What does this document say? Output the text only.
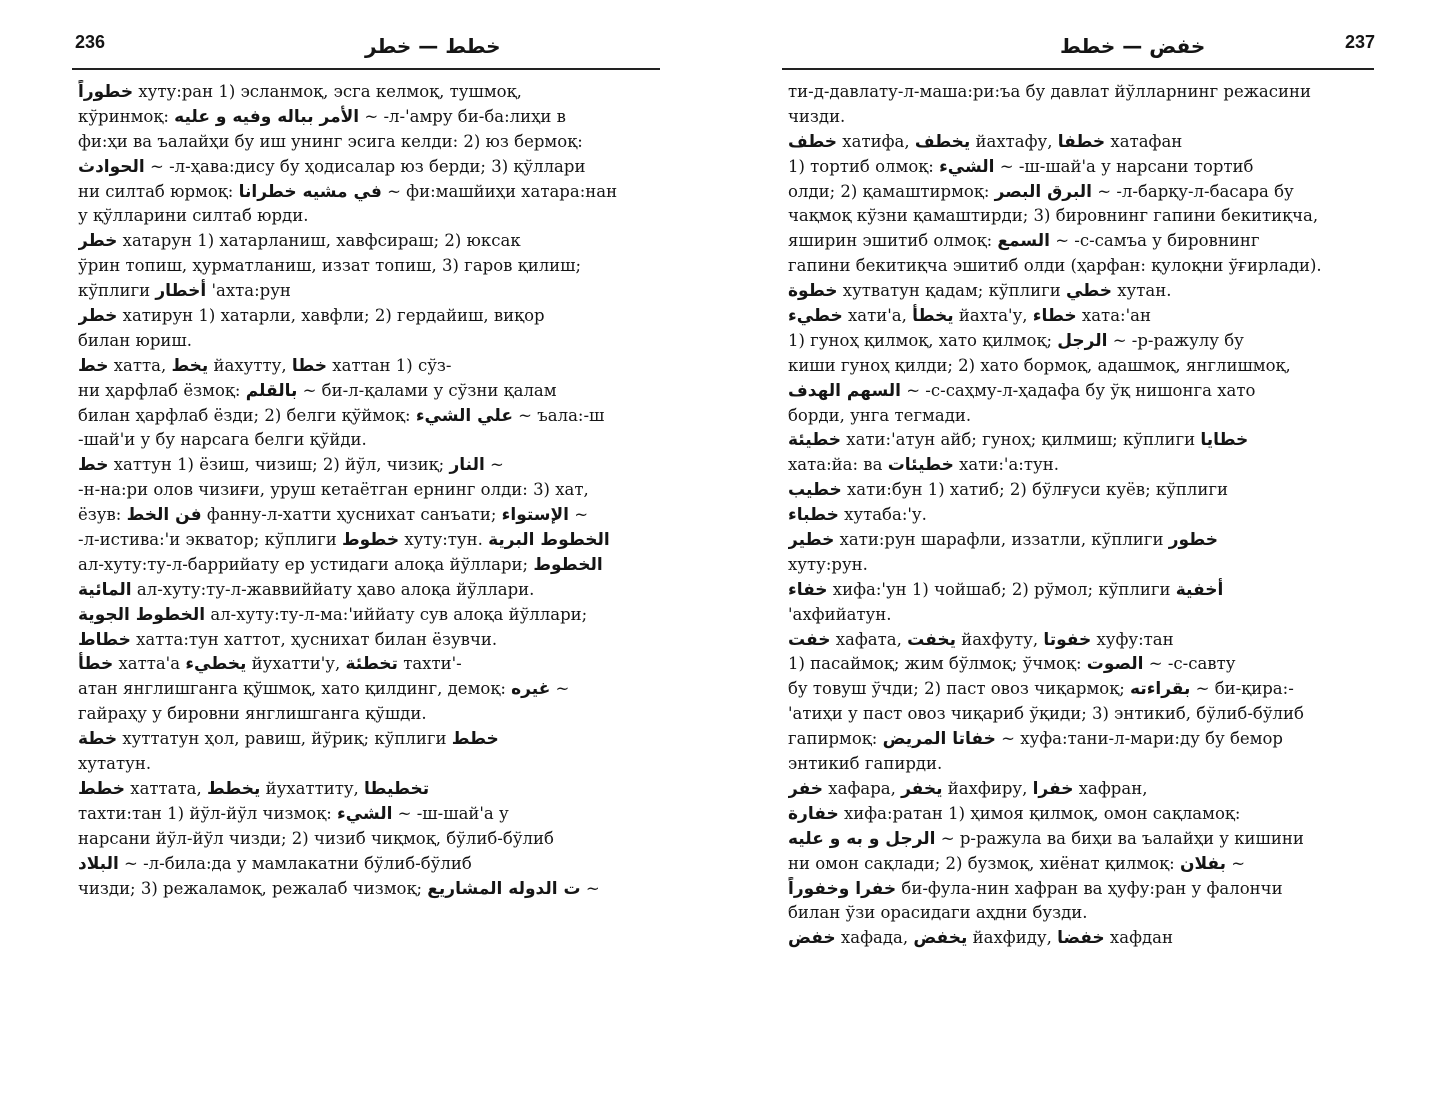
236	خطط — خطر
خطوراً хуту:ран 1) эсланмоқ, эсга келмоқ, тушмоқ,
кўринмоқ: الأمر بباله وفيه و عليه ~ -л-'амру би-ба:лиҳи в
фи:ҳи ва ъалайҳи бу иш унинг эсига келди: 2) юз бермоқ:
الحوادث ~ -л-ҳава:дису бу ҳодисалар юз берди; 3) қўллари
ни силтаб юрмоқ: في مشيه خطرانا ~ фи:машйиҳи хатара:нан
у қўлларини силтаб юрди.
خطر хатарун 1) хатарланиш, хавфсираш; 2) юксак
ўрин топиш, ҳурматланиш, иззат топиш, 3) гаров қилиш;
кўплиги أخطار 'ахта:рун
خطر хатирун 1) хатарли, хавфли; 2) гердайиш, виқор
билан юриш.
خط хатта, يخط йахутту, خطا хаттан 1) сўз-
ни ҳарфлаб ёзмоқ: بالقلم ~ би-л-қалами у сўзни қалам
билан ҳарфлаб ёзди; 2) белги қўймоқ: علي الشيء ~ ъала:-ш
-шай'и у бу нарсага белги қўйди.
خط хаттун 1) ёзиш, чизиш; 2) йўл, чизиқ; النار ~
-н-на:ри олов чизиғи, уруш кетаётган ернинг олди: 3) хат,
ёзув: فن الخط фанну-л-хатти ҳуснихат санъати; الإستواء ~
-л-истива:'и экватор; кўплиги خطوط хуту:тун. الخطوط البرية
ал-хуту:ту-л-баррийату ер устидаги алоқа йўллари; الخطوط
المائية ал-хуту:ту-л-жаввиййату ҳаво алоқа йўллари.
الخطوط الجوية ал-хуту:ту-л-ма:'иййату сув алоқа йўллари;
خطاط хатта:тун хаттот, ҳуснихат билан ёзувчи.
خطأ хатта'а يخطيء йухатти'у, تخطئة тахти'-
атан янглишганга қўшмоқ, хато қилдинг, демоқ: غيره ~
гайраҳу у бировни янглишганга қўшди.
خطة хуттатун ҳол, равиш, йўриқ; кўплиги خطط
хутатун.
خطط хаттата, يخطط йухаттиту, تخطيطا
тахти:тан 1) йўл-йўл чизмоқ: الشيء ~ -ш-шай'а у
нарсани йўл-йўл чизди; 2) чизиб чиқмоқ, бўлиб-бўлиб
البلاد ~ -л-била:да у мамлакатни бўлиб-бўлиб
чизди; 3) режаламоқ, режалаб чизмоқ; ت الدوله المشاريع ~
237
خفض — خطط
ти-д-давлату-л-маша:ри:ъа бу давлат йўлларнинг режасини
чизди.
خطف хатифа, يخطف йахтафу, خطفا хатафан
1) тортиб олмоқ: الشيء ~ -ш-шай'а у нарсани тортиб
олди; 2) қамаштирмоқ: البرق البصر ~ -л-барқу-л-басара бу
чақмоқ кўзни қамаштирди; 3) бировнинг гапини бекитиқча,
яширин эшитиб олмоқ: السمع ~ -с-самъа у бировнинг
гапини бекитиқча эшитиб олди (ҳарфан: қулоқни ўғирлади).
خطوة хутватун қадам; кўплиги خطي хутан.
خطيء хати'а, يخطأ йахта'у, خطاء хата:'ан
1) гуноҳ қилмоқ, хато қилмоқ; الرجل ~ -р-ражулу бу
киши гуноҳ қилди; 2) хато бормоқ, адашмоқ, янглишмоқ,
السهم الهدف ~ -с-саҳму-л-ҳадафа бу ўқ нишонга хато
борди, унга тегмади.
خطيئة хати:'атун айб; гуноҳ; қилмиш; кўплиги خطايا
хата:йа: ва خطيئات хати:'а:тун.
خطيب хати:бун 1) хатиб; 2) бўлғуси куёв; кўплиги
خطباء хутаба:'у.
خطير хати:рун шарафли, иззатли, кўплиги خطور
хуту:рун.
خفاء хифа:'ун 1) чойшаб; 2) рўмол; кўплиги أخفية
'ахфийатун.
خفت хафата, يخفت йахфуту, خفوتا хуфу:тан
1) пасаймоқ; жим бўлмоқ; ўчмоқ: الصوت ~ -с-савту
бу товуш ўчди; 2) паст овоз чиқармоқ; بقراءته ~ би-қира:-
'атиҳи у паст овоз чиқариб ўқиди; 3) энтикиб, бўлиб-бўлиб
гапирмоқ: خفاتا المريض ~ хуфа:тани-л-мари:ду бу бемор
энтикиб гапирди.
خفر хафара, يخفر йахфиру, خفرا хафран,
خفارة хифа:ратан 1) ҳимоя қилмоқ, омон сақламоқ:
الرجل و به و عليه ~ р-ражула ва биҳи ва ъалайҳи у кишини
ни омон сақлади; 2) бузмоқ, хиёнат қилмоқ: بفلان ~
خفرا وخفوراً би-фула-нин хафран ва ҳуфу:ран у фалончи
билан ўзи орасидаги аҳдни бузди.
خفض хафада, يخفض йахфиду, خفضا хафдан
